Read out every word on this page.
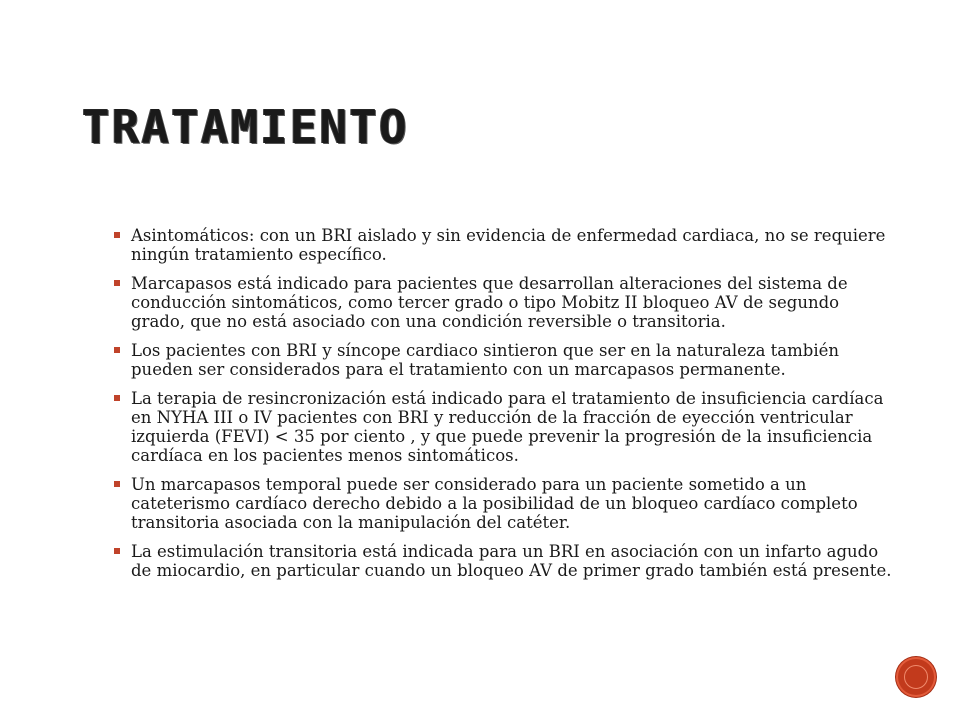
TRATAMIENTO
Asintomáticos: con un BRI aislado y sin evidencia de enfermedad cardiaca, no se requiere ningún tratamiento específico.
Marcapasos está indicado para pacientes que desarrollan alteraciones del sistema de conducción sintomáticos, como tercer grado o tipo Mobitz II bloqueo AV de segundo grado, que no está asociado con una condición reversible o transitoria.
Los pacientes con BRI y síncope cardiaco sintieron que ser en la naturaleza también pueden ser considerados para el tratamiento con un marcapasos permanente.
La terapia de resincronización está indicado para el tratamiento de insuficiencia cardíaca en NYHA III o IV pacientes con BRI y reducción de la fracción de eyección ventricular izquierda (FEVI) < 35 por ciento , y que puede prevenir la progresión de la insuficiencia cardíaca en los pacientes menos sintomáticos.
Un marcapasos temporal puede ser considerado para un paciente sometido a un cateterismo cardíaco derecho debido a la posibilidad de un bloqueo cardíaco completo transitoria asociada con la manipulación del catéter.
La estimulación transitoria está indicada para un BRI en asociación con un infarto agudo de miocardio, en particular cuando un bloqueo AV de primer grado también está presente.
